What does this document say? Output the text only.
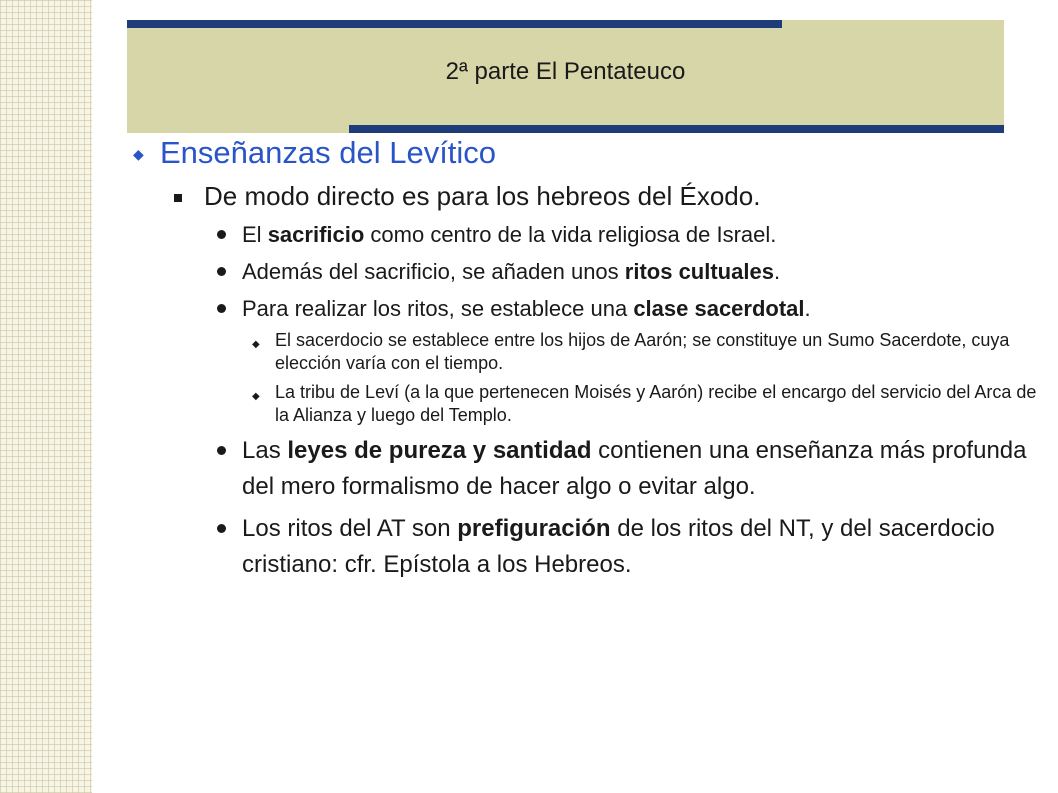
2ª parte El Pentateuco
◆ Enseñanzas del Levítico
De modo directo es para los hebreos del Éxodo.
El sacrificio como centro de la vida religiosa de Israel.
Además del sacrificio, se añaden unos ritos cultuales.
Para realizar los ritos, se establece una clase sacerdotal.
◆ El sacerdocio se establece entre los hijos de Aarón; se constituye un Sumo Sacerdote, cuya elección varía con el tiempo.
◆ La tribu de Leví (a la que pertenecen Moisés y Aarón) recibe el encargo del servicio del Arca de la Alianza y luego del Templo.
Las leyes de pureza y santidad contienen una enseñanza más profunda del mero formalismo de hacer algo o evitar algo.
Los ritos del AT son prefiguración de los ritos del NT, y del sacerdocio cristiano: cfr. Epístola a los Hebreos.
